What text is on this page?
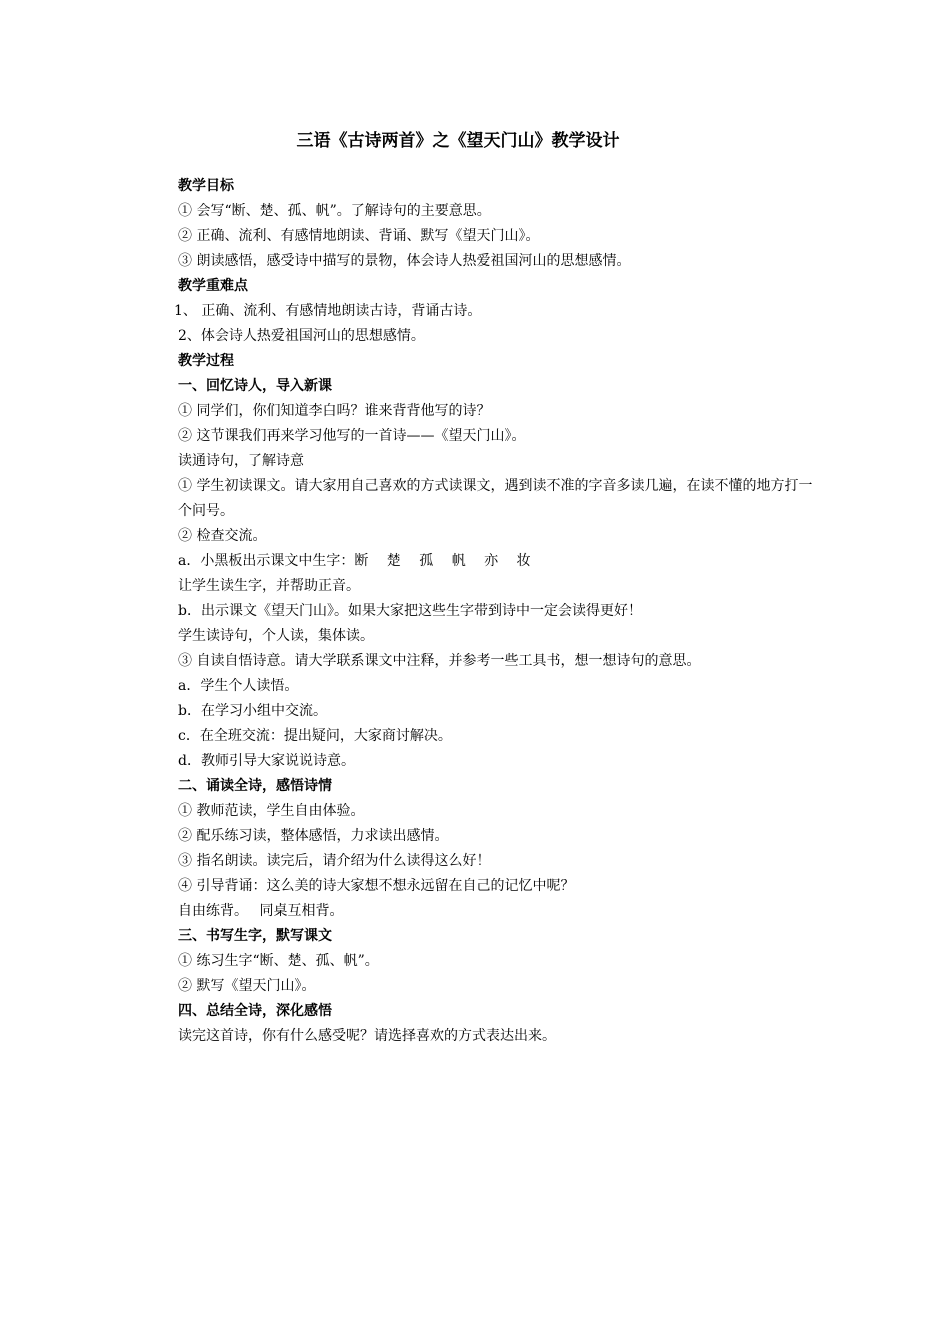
三语《古诗两首》之《望天门山》教学设计
教学目标
① 会写“断、楚、孤、帆”。了解诗句的主要意思。
② 正确、流利、有感情地朗读、背诵、默写《望天门山》。
③ 朗读感悟，感受诗中描写的景物，体会诗人热爱祖国河山的思想感情。
教学重难点
1、 正确、流利、有感情地朗读古诗，背诵古诗。
2、体会诗人热爱祖国河山的思想感情。
教学过程
一、回忆诗人，导入新课
① 同学们，你们知道李白吗？谁来背背他写的诗？
② 这节课我们再来学习他写的一首诗——《望天门山》。
读通诗句，了解诗意
① 学生初读课文。请大家用自己喜欢的方式读课文，遇到读不准的字音多读几遍，在读不懂的地方打一个问号。
② 检查交流。
a．小黑板出示课文中生字：断　 楚　 孤　 帆　 亦　 妆
让学生读生字，并帮助正音。
b．出示课文《望天门山》。如果大家把这些生字带到诗中一定会读得更好！
学生读诗句，个人读，集体读。
③ 自读自悟诗意。请大学联系课文中注释，并参考一些工具书，想一想诗句的意思。
a．学生个人读悟。
b．在学习小组中交流。
c．在全班交流：提出疑问，大家商讨解决。
d．教师引导大家说说诗意。
二、诵读全诗，感悟诗情
① 教师范读，学生自由体验。
② 配乐练习读，整体感悟，力求读出感情。
③ 指名朗读。读完后，请介绍为什么读得这么好！
④ 引导背诵：这么美的诗大家想不想永远留在自己的记忆中呢？
自由练背。　 同桌互相背。
三、书写生字，默写课文
① 练习生字“断、楚、孤、帆”。
② 默写《望天门山》。
四、总结全诗，深化感悟
读完这首诗，你有什么感受呢？请选择喜欢的方式表达出来。
